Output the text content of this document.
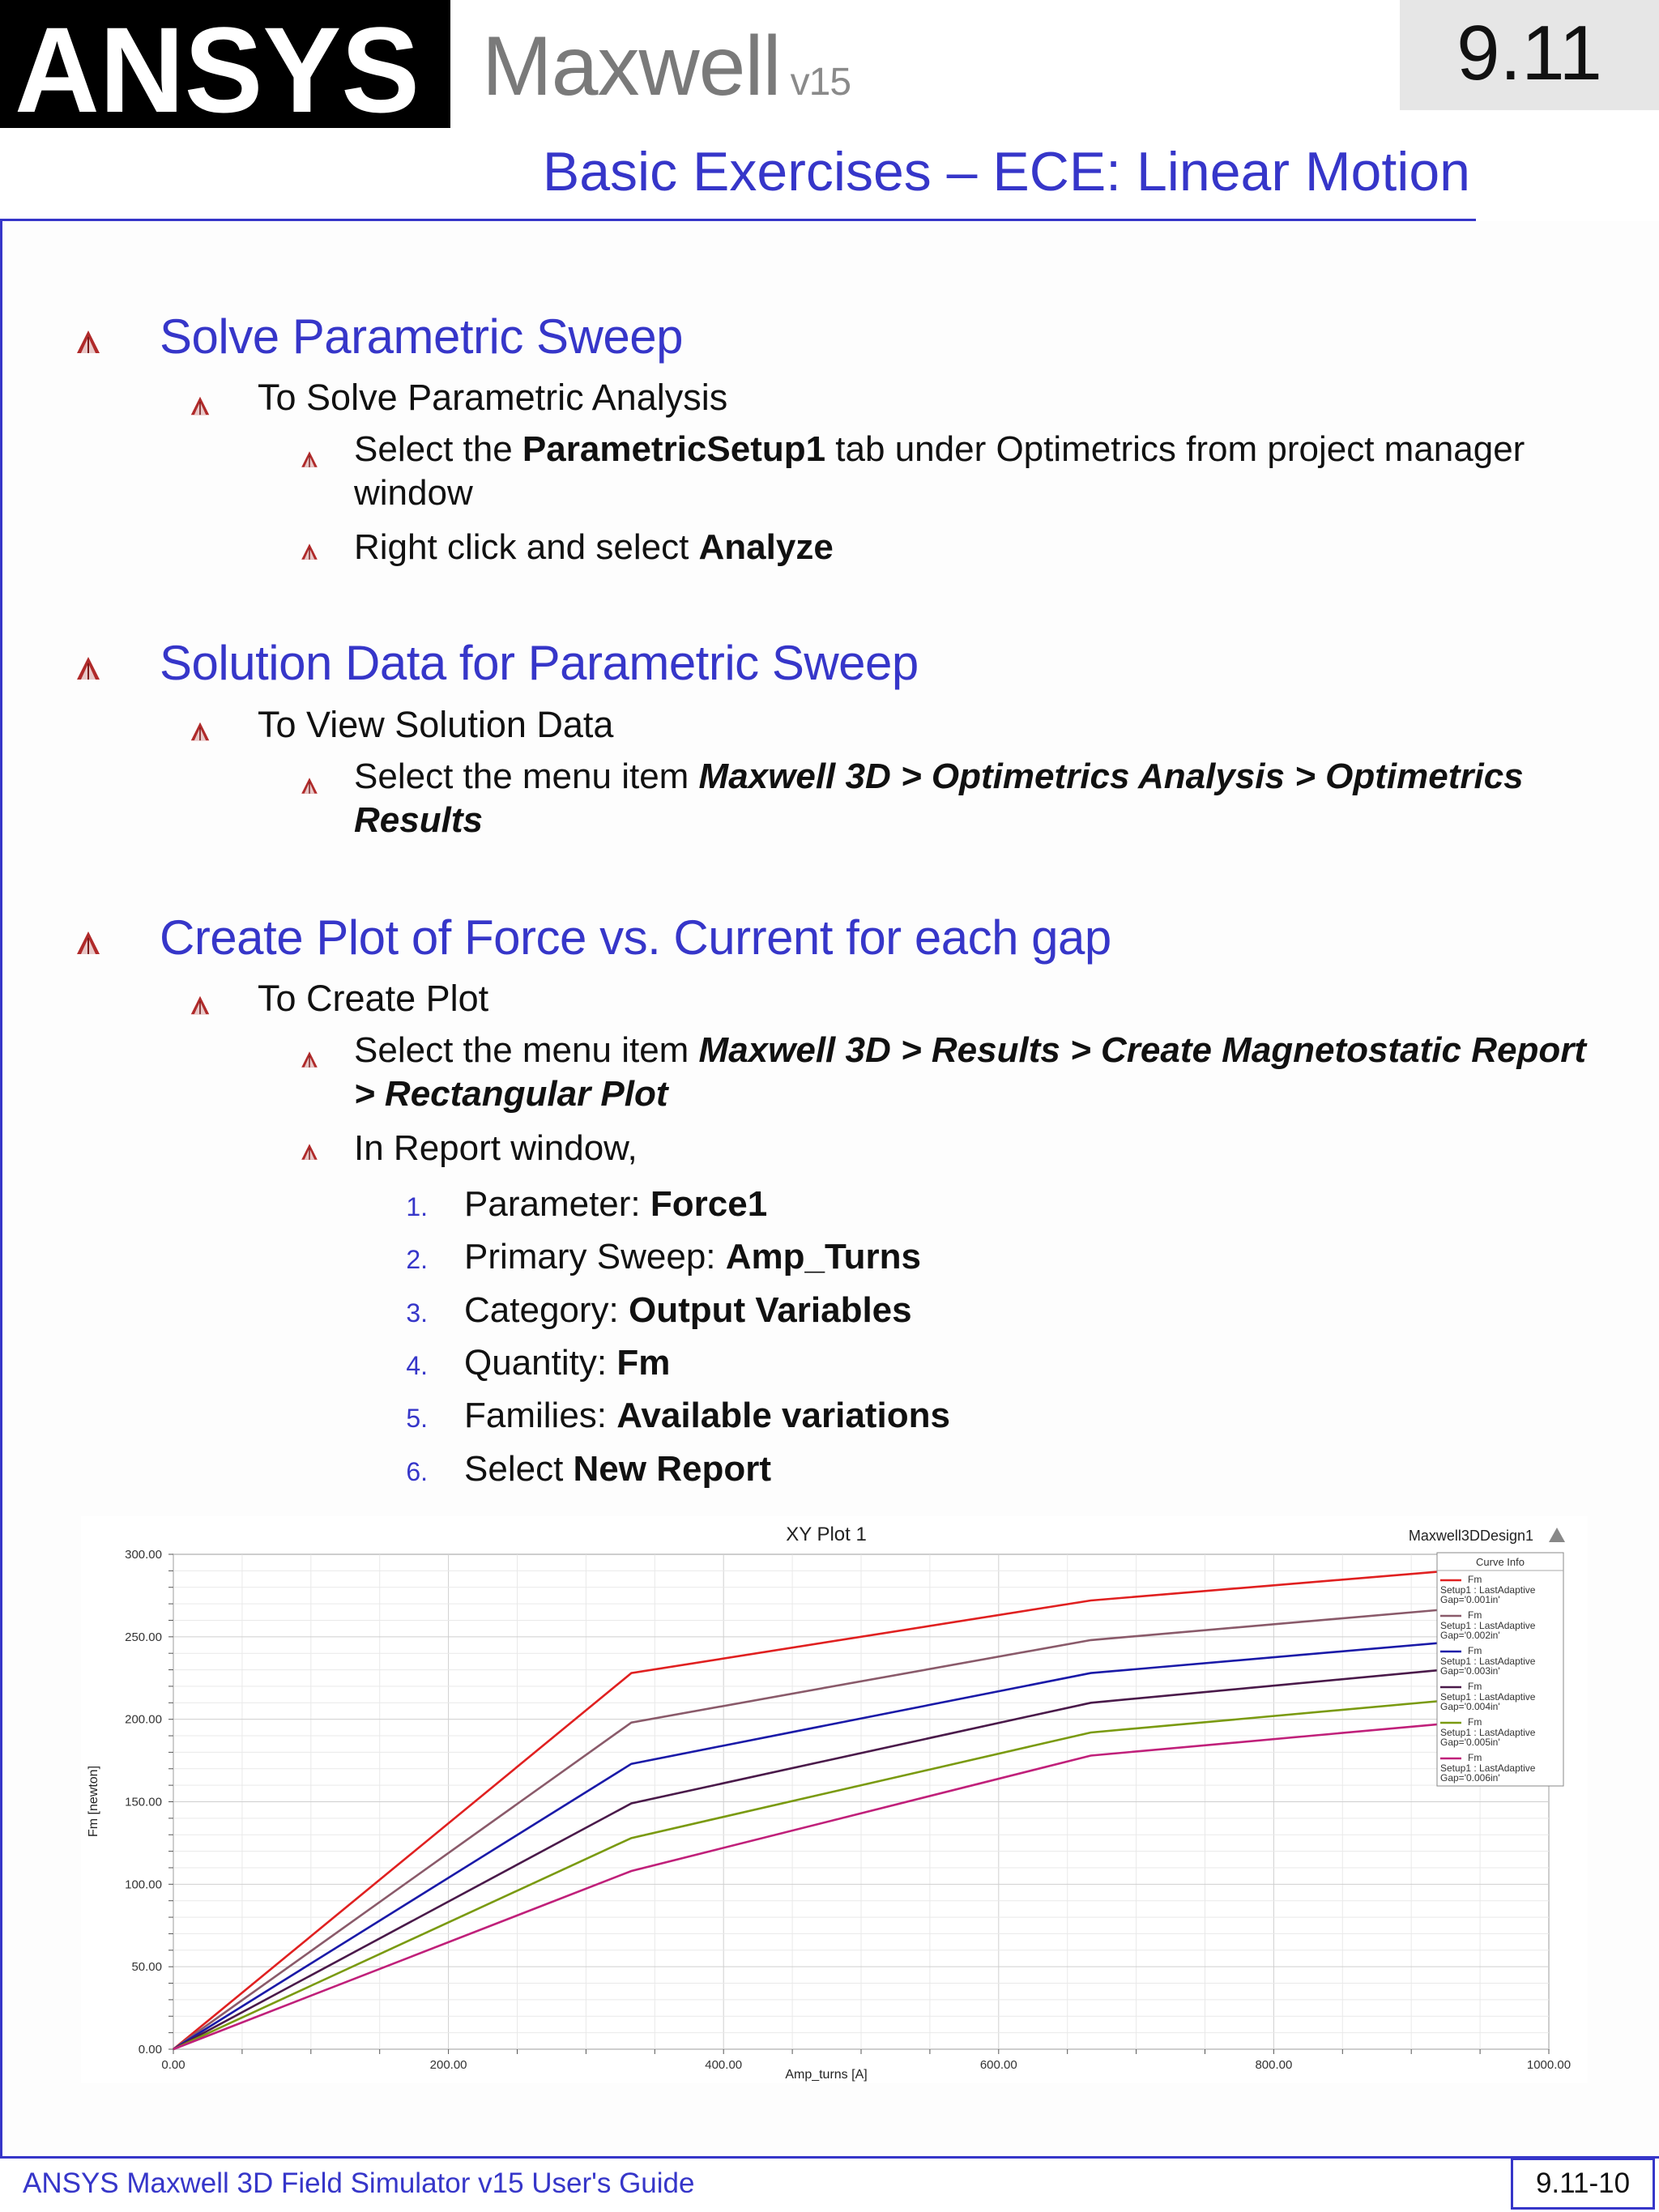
ANSYS Maxwell v15	9.11
Basic Exercises – ECE: Linear Motion
Solve Parametric Sweep
To Solve Parametric Analysis
Select the ParametricSetup1 tab under Optimetrics from project manager
window
Right click and select Analyze
Solution Data for Parametric Sweep
To View Solution Data
Select the menu item Maxwell 3D > Optimetrics Analysis > Optimetrics
Results
Create Plot of Force vs. Current for each gap
To Create Plot
Select the menu item Maxwell 3D > Results > Create Magnetostatic Report
> Rectangular Plot
In Report window,
1. Parameter: Force1
2. Primary Sweep: Amp_Turns
3. Category: Output Variables
4. Quantity: Fm
5. Families: Available variations
6. Select New Report
XY Plot 1	Maxwell3DDesign1
0.00
50.00
100.00
150.00
200.00
250.00
300.00
0.00	200.00	400.00	600.00	800.00	1000.00
Amp_turns [A]
Fm [newton]
Curve Info
Fm
Setup1 : LastAdaptive
Gap='0.001in'
Fm
Setup1 : LastAdaptive
Gap='0.002in'
Fm
Setup1 : LastAdaptive
Gap='0.003in'
Fm
Setup1 : LastAdaptive
Gap='0.004in'
Fm
Setup1 : LastAdaptive
Gap='0.005in'
Fm
Setup1 : LastAdaptive
Gap='0.006in'
ANSYS Maxwell 3D Field Simulator v15 User's Guide	9.11-10
